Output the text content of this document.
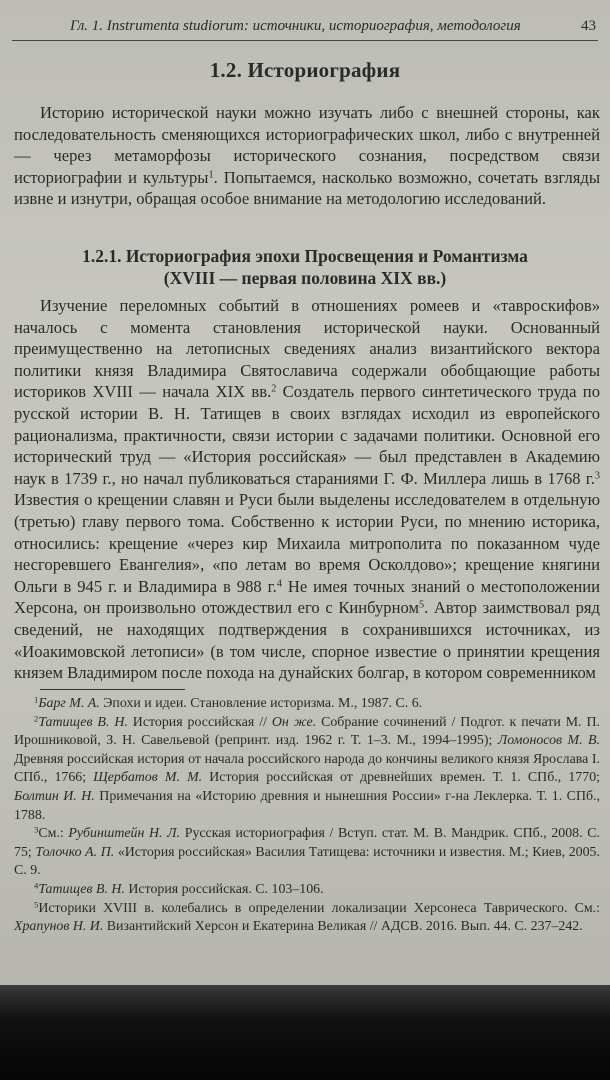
Гл. 1. Instrumenta studiorum: источники, историография, методология	43
1.2. Историография

Историю исторической науки можно изучать либо с внешней стороны, как последовательность сменяющихся историографических школ, либо с внутренней — через метаморфозы исторического сознания, посредством связи историографии и культуры$^1$. Попытаемся, насколько возможно, сочетать взгляды извне и изнутри, обращая особое внимание на методологию исследований.

1.2.1. Историография эпохи Просвещения и Романтизма
(XVIII — первая половина XIX вв.)

Изучение переломных событий в отношениях ромеев и «тавроскифов» началось с момента становления исторической науки. Основанный преимущественно на летописных сведениях анализ византийского вектора политики князя Владимира Святославича содержали обобщающие работы историков XVIII — начала XIX вв.$^2$ Создатель первого синтетического труда по русской истории В. Н. Татищев в своих взглядах исходил из европейского рационализма, практичности, связи истории с задачами политики. Основной его исторический труд — «История российская» — был представлен в Академию наук в 1739 г., но начал публиковаться стараниями Г. Ф. Миллера лишь в 1768 г.$^3$ Известия о крещении славян и Руси были выделены исследователем в отдельную (третью) главу первого тома. Собственно к истории Руси, по мнению историка, относились: крещение «через кир Михаила митрополита по показанном чуде несгоревшего Евангелия», «по летам во время Осколдово»; крещение княгини Ольги в 945 г. и Владимира в 988 г.$^4$ Не имея точных знаний о местоположении Херсона, он произвольно отождествил его с Кинбурном$^5$. Автор заимствовал ряд сведений, не находящих подтверждения в сохранившихся источниках, из «Иоакимовской летописи» (в том числе, спорное известие о принятии крещения князем Владимиром после похода на дунайских болгар, в котором современником

$^1$Барг М. А. Эпохи и идеи. Становление историзма. М., 1987. С. 6.

$^2$Татищев В. Н. История российская // Он же. Собрание сочинений / Подгот. к печати М. П. Ирошниковой, З. Н. Савельевой (репринт. изд. 1962 г. Т. 1–3. М., 1994–1995); Ломоносов М. В. Древняя российская история от начала российского народа до кончины великого князя Ярослава I. СПб., 1766; Щербатов М. М. История российская от древнейших времен. Т. 1. СПб., 1770; Болтин И. Н. Примечания на «Историю древния и нынешния России» г-на Леклерка. Т. 1. СПб., 1788.

$^3$См.: Рубинштейн Н. Л. Русская историография / Вступ. стат. М. В. Мандрик. СПб., 2008. С. 75; Толочко А. П. «История российская» Василия Татищева: источники и известия. М.; Киев, 2005. С. 9.

$^4$Татищев В. Н. История российская. С. 103–106.

$^5$Историки XVIII в. колебались в определении локализации Херсонеса Таврического. См.: Храпунов Н. И. Византийский Херсон и Екатерина Великая // АДСВ. 2016. Вып. 44. С. 237–242.
